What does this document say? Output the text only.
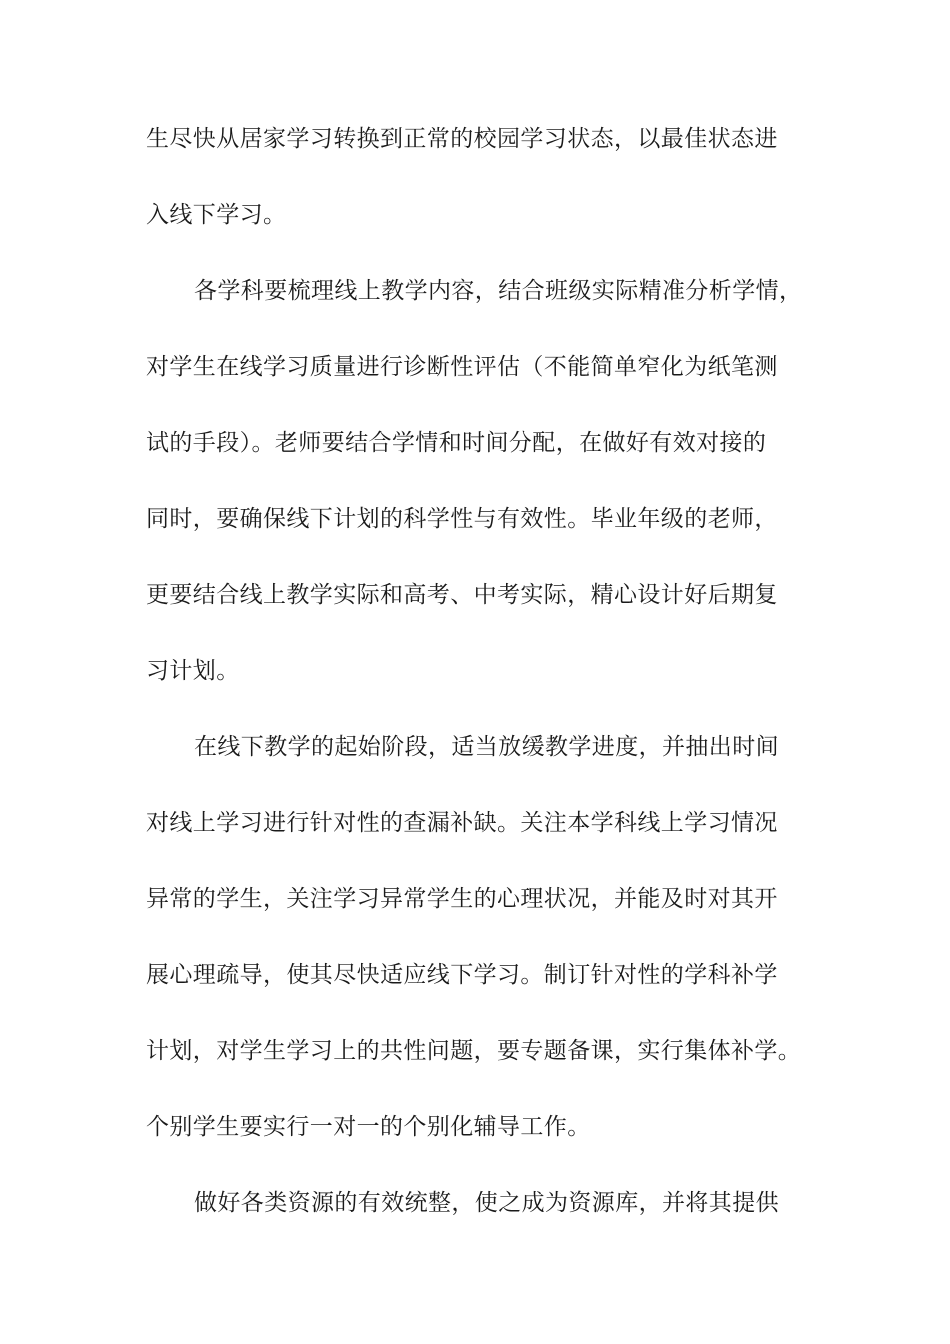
生尽快从居家学习转换到正常的校园学习状态，以最佳状态进
入线下学习。
各学科要梳理线上教学内容，结合班级实际精准分析学情，
对学生在线学习质量进行诊断性评估（不能简单窄化为纸笔测
试的手段）。老师要结合学情和时间分配，在做好有效对接的
同时，要确保线下计划的科学性与有效性。毕业年级的老师，
更要结合线上教学实际和高考、中考实际，精心设计好后期复
习计划。
在线下教学的起始阶段，适当放缓教学进度，并抽出时间
对线上学习进行针对性的查漏补缺。关注本学科线上学习情况
异常的学生，关注学习异常学生的心理状况，并能及时对其开
展心理疏导，使其尽快适应线下学习。制订针对性的学科补学
计划，对学生学习上的共性问题，要专题备课，实行集体补学。
个别学生要实行一对一的个别化辅导工作。
做好各类资源的有效统整，使之成为资源库，并将其提供
